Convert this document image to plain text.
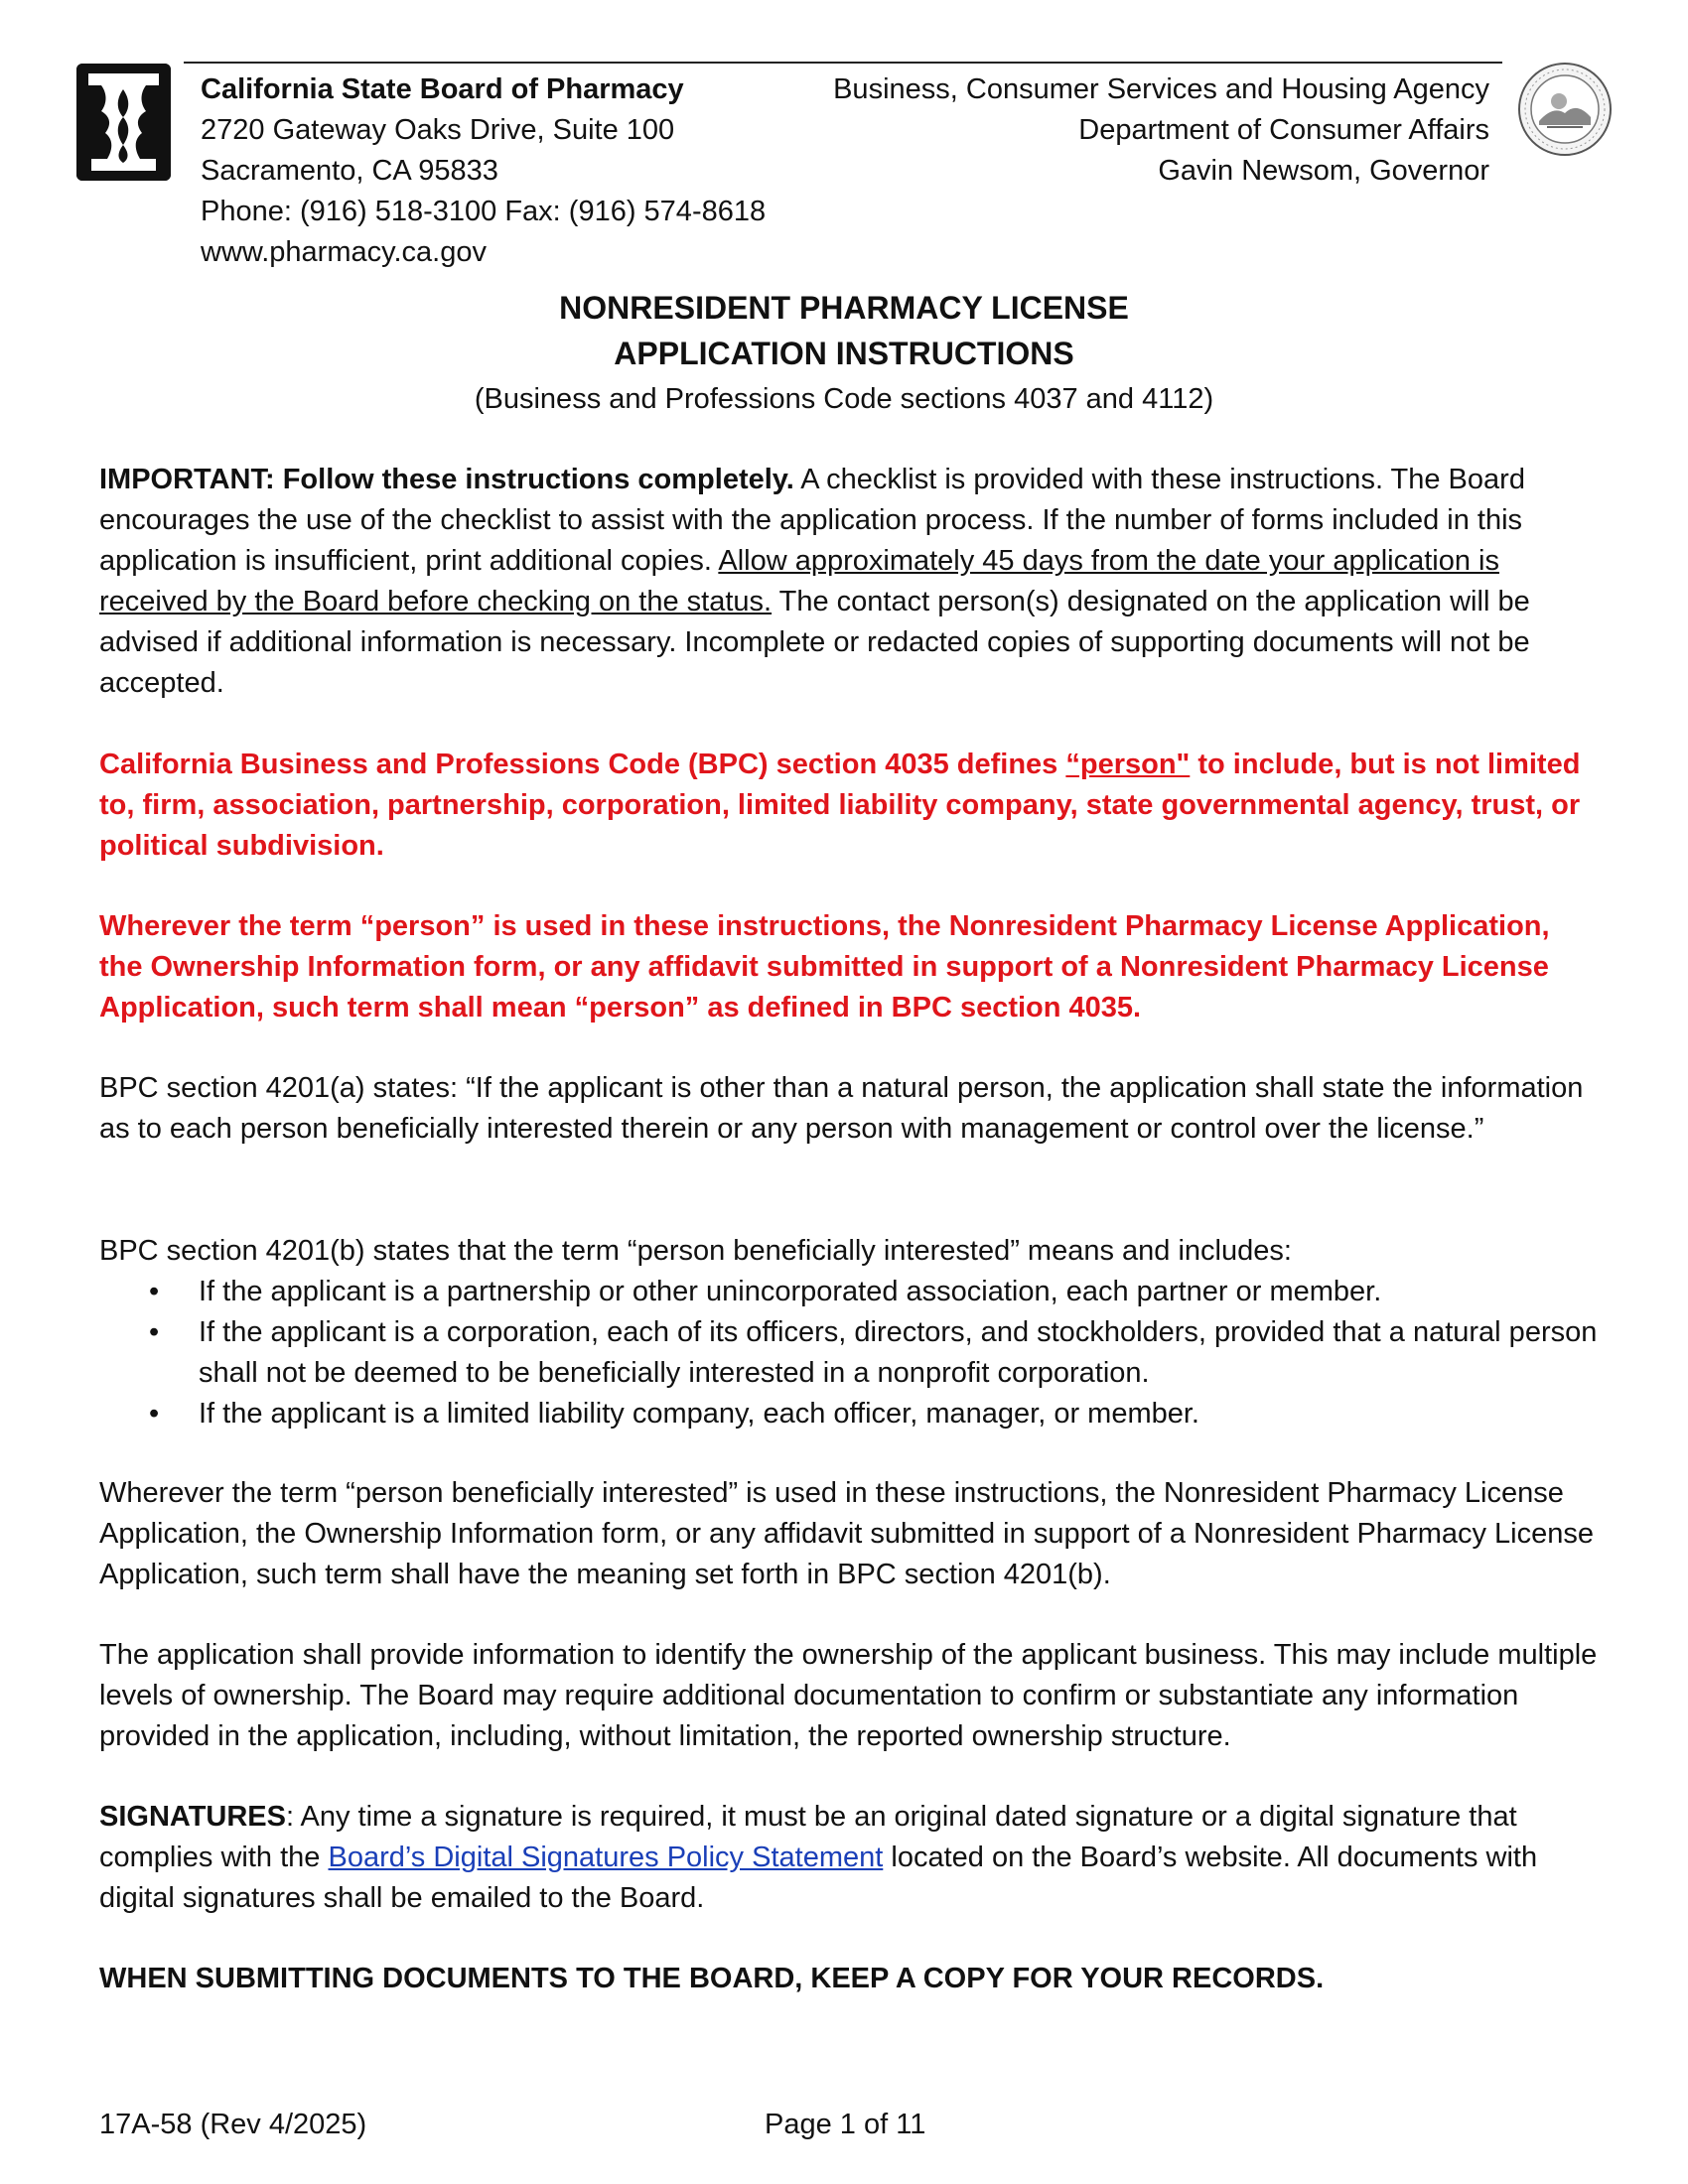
California State Board of Pharmacy
2720 Gateway Oaks Drive, Suite 100
Sacramento, CA 95833
Phone: (916) 518-3100 Fax: (916) 574-8618
www.pharmacy.ca.gov
Business, Consumer Services and Housing Agency
Department of Consumer Affairs
Gavin Newsom, Governor
NONRESIDENT PHARMACY LICENSE
APPLICATION INSTRUCTIONS
(Business and Professions Code sections 4037 and 4112)
IMPORTANT: Follow these instructions completely. A checklist is provided with these instructions. The Board encourages the use of the checklist to assist with the application process. If the number of forms included in this application is insufficient, print additional copies. Allow approximately 45 days from the date your application is received by the Board before checking on the status. The contact person(s) designated on the application will be advised if additional information is necessary. Incomplete or redacted copies of supporting documents will not be accepted.
California Business and Professions Code (BPC) section 4035 defines “person" to include, but is not limited to, firm, association, partnership, corporation, limited liability company, state governmental agency, trust, or political subdivision.
Wherever the term “person” is used in these instructions, the Nonresident Pharmacy License Application, the Ownership Information form, or any affidavit submitted in support of a Nonresident Pharmacy License Application, such term shall mean “person” as defined in BPC section 4035.
BPC section 4201(a) states: “If the applicant is other than a natural person, the application shall state the information as to each person beneficially interested therein or any person with management or control over the license.”
BPC section 4201(b) states that the term “person beneficially interested” means and includes:
• If the applicant is a partnership or other unincorporated association, each partner or member.
• If the applicant is a corporation, each of its officers, directors, and stockholders, provided that a natural person shall not be deemed to be beneficially interested in a nonprofit corporation.
• If the applicant is a limited liability company, each officer, manager, or member.
Wherever the term “person beneficially interested” is used in these instructions, the Nonresident Pharmacy License Application, the Ownership Information form, or any affidavit submitted in support of a Nonresident Pharmacy License Application, such term shall have the meaning set forth in BPC section 4201(b).
The application shall provide information to identify the ownership of the applicant business. This may include multiple levels of ownership. The Board may require additional documentation to confirm or substantiate any information provided in the application, including, without limitation, the reported ownership structure.
SIGNATURES: Any time a signature is required, it must be an original dated signature or a digital signature that complies with the Board’s Digital Signatures Policy Statement located on the Board’s website. All documents with digital signatures shall be emailed to the Board.
WHEN SUBMITTING DOCUMENTS TO THE BOARD, KEEP A COPY FOR YOUR RECORDS.
17A-58 (Rev 4/2025)	Page 1 of 11
